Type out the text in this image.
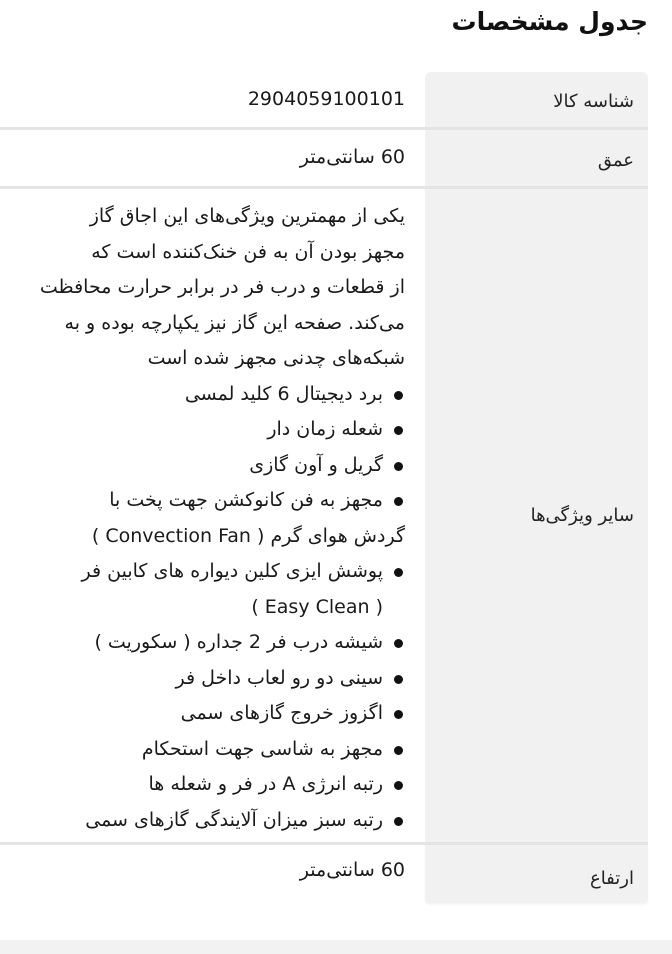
جدول مشخصات
شناسه کالا
2904059100101
عمق
60 سانتی‌متر
سایر ویژگی‌ها
یکی از مهمترین ویژگی‌های این اجاق گاز
مجهز بودن آن به فن خنک‌کننده است که
از قطعات و درب فر در برابر حرارت محافظت
می‌کند. صفحه این گاز نیز یکپارچه بوده و به
شبکه‌های چدنی مجهز شده است
برد دیجیتال 6 کلید لمسی
شعله زمان دار
گریل و آون گازی
مجهز به فن کانوکشن جهت پخت با
گردش هوای گرم ( Convection Fan )
پوشش ایزی کلین دیواره های کابین فر
( Easy Clean )
شیشه درب فر 2 جداره ( سکوریت )
سینی دو رو لعاب داخل فر
اگزوز خروج گازهای سمی
مجهز به شاسی جهت استحکام
رتبه انرژی A در فر و شعله ها
رتبه سبز میزان آلایندگی گازهای سمی
ارتفاع
60 سانتی‌متر
